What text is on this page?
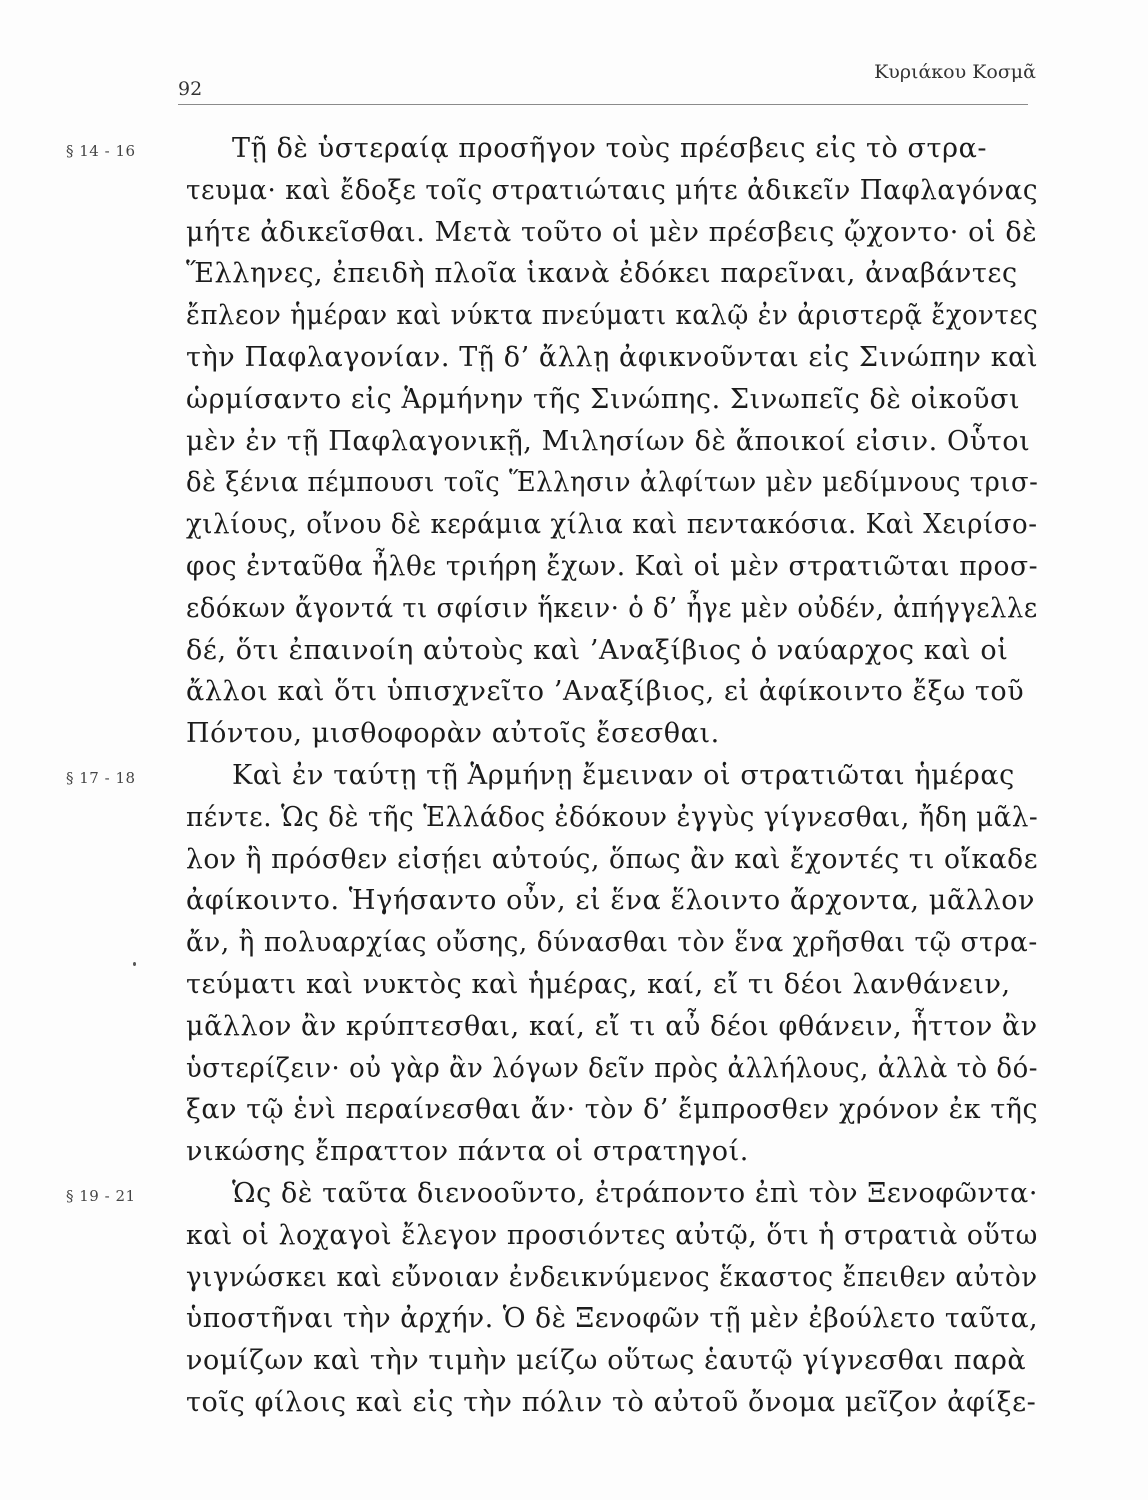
92
Κυριάκου Κοσμᾶ
§ 14 - 16	Τῇ δὲ ὑστεραίᾳ προσῆγον τοὺς πρέσβεις εἰς τὸ στρα-
τευμα· καὶ ἔδοξε τοῖς στρατιώταις μήτε ἀδικεῖν Παφλαγόνας
μήτε ἀδικεῖσθαι. Μετὰ τοῦτο οἱ μὲν πρέσβεις ᾤχοντο· οἱ δὲ
Ἕλληνες, ἐπειδὴ πλοῖα ἱκανὰ ἐδόκει παρεῖναι, ἀναβάντες
ἔπλεον ἡμέραν καὶ νύκτα πνεύματι καλῷ ἐν ἀριστερᾷ ἔχοντες
τὴν Παφλαγονίαν. Τῇ δ’ ἄλλῃ ἀφικνοῦνται εἰς Σινώπην καὶ
ὡρμίσαντο εἰς Ἁρμήνην τῆς Σινώπης. Σινωπεῖς δὲ οἰκοῦσι
μὲν ἐν τῇ Παφλαγονικῇ, Μιλησίων δὲ ἄποικοί εἰσιν. Οὗτοι
δὲ ξένια πέμπουσι τοῖς Ἕλλησιν ἀλφίτων μὲν μεδίμνους τρισ-
χιλίους, οἴνου δὲ κεράμια χίλια καὶ πεντακόσια. Καὶ Χειρίσο-
φος ἐνταῦθα ἦλθε τριήρη ἔχων. Καὶ οἱ μὲν στρατιῶται προσ-
εδόκων ἄγοντά τι σφίσιν ἥκειν· ὁ δ’ ἦγε μὲν οὐδέν, ἀπήγγελλε
δέ, ὅτι ἐπαινοίη αὐτοὺς καὶ ’Αναξίβιος ὁ ναύαρχος καὶ οἱ
ἄλλοι καὶ ὅτι ὑπισχνεῖτο ’Αναξίβιος, εἰ ἀφίκοιντο ἔξω τοῦ
Πόντου, μισθοφορὰν αὐτοῖς ἔσεσθαι.
§ 17 - 18	Καὶ ἐν ταύτῃ τῇ Ἁρμήνῃ ἔμειναν οἱ στρατιῶται ἡμέρας
πέντε. Ὡς δὲ τῆς Ἑλλάδος ἐδόκουν ἐγγὺς γίγνεσθαι, ἤδη μᾶλ-
λον ἢ πρόσθεν εἰσῄει αὐτούς, ὅπως ἂν καὶ ἔχοντές τι οἴκαδε
ἀφίκοιντο. Ἡγήσαντο οὖν, εἰ ἕνα ἕλοιντο ἄρχοντα, μᾶλλον
ἄν, ἢ πολυαρχίας οὔσης, δύνασθαι τὸν ἕνα χρῆσθαι τῷ στρα-
τεύματι καὶ νυκτὸς καὶ ἡμέρας, καί, εἴ τι δέοι λανθάνειν,
μᾶλλον ἂν κρύπτεσθαι, καί, εἴ τι αὖ δέοι φθάνειν, ἧττον ἂν
ὑστερίζειν· οὐ γὰρ ἂν λόγων δεῖν πρὸς ἀλλήλους, ἀλλὰ τὸ δό-
ξαν τῷ ἑνὶ περαίνεσθαι ἄν· τὸν δ’ ἔμπροσθεν χρόνον ἐκ τῆς
νικώσης ἔπραττον πάντα οἱ στρατηγοί.
§ 19 - 21	Ὡς δὲ ταῦτα διενοοῦντο, ἐτράποντο ἐπὶ τὸν Ξενοφῶντα·
καὶ οἱ λοχαγοὶ ἔλεγον προσιόντες αὐτῷ, ὅτι ἡ στρατιὰ οὕτω
γιγνώσκει καὶ εὔνοιαν ἐνδεικνύμενος ἕκαστος ἔπειθεν αὐτὸν
ὑποστῆναι τὴν ἀρχήν. Ὁ δὲ Ξενοφῶν τῇ μὲν ἐβούλετο ταῦτα,
νομίζων καὶ τὴν τιμὴν μείζω οὕτως ἑαυτῷ γίγνεσθαι παρὰ
τοῖς φίλοις καὶ εἰς τὴν πόλιν τὸ αὐτοῦ ὄνομα μεῖζον ἀφίξε-
